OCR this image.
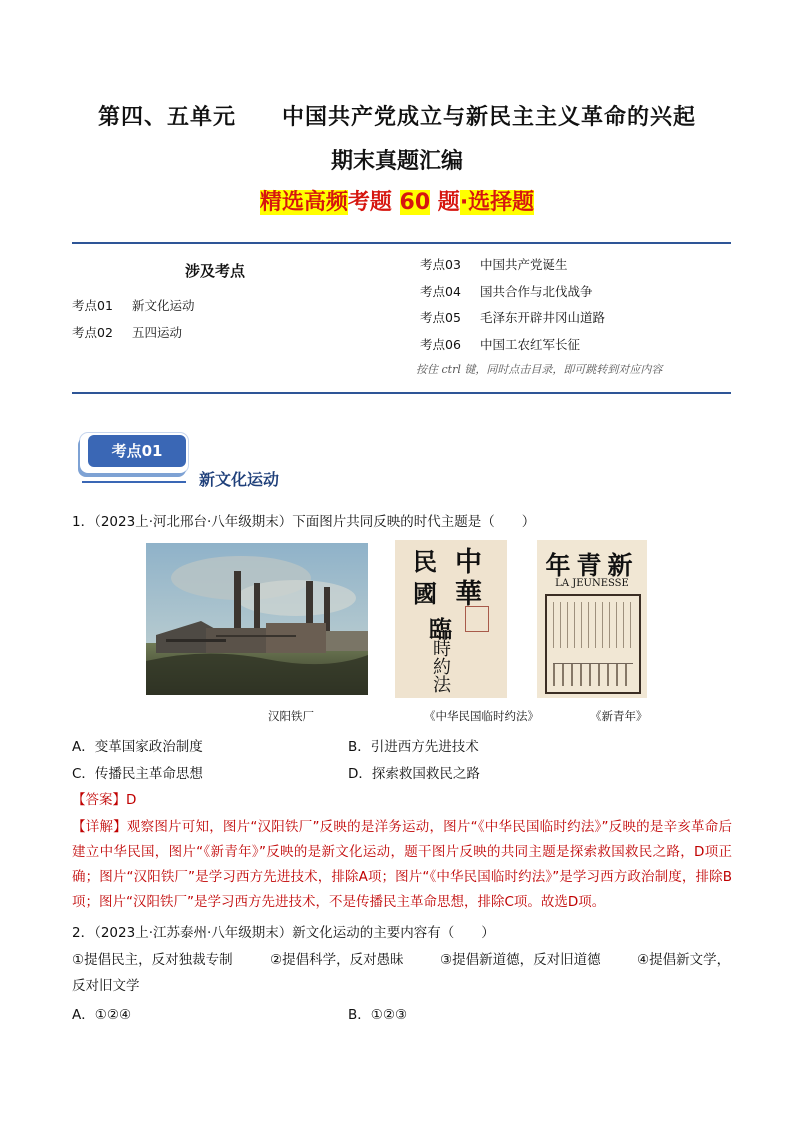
第四、五单元　　中国共产党成立与新民主主义革命的兴起
期末真题汇编
精选高频考题 60 题·选择题
涉及考点
考点01 新文化运动
考点02 五四运动
考点03 中国共产党诞生
考点04 国共合作与北伐战争
考点05 毛泽东开辟井冈山道路
考点06 中国工农红军长征
按住 ctrl 键，同时点击目录，即可跳转到对应内容
考点01
新文化运动
1．（2023上·河北邢台·八年级期末）下面图片共同反映的时代主题是（　　）
汉阳铁厂
中
華
民
國
臨
時
約
法
《中华民国临时约法》
年青新
LA JEUNESSE
《新青年》
A．变革国家政治制度	B．引进西方先进技术
C．传播民主革命思想	D．探索救国救民之路
【答案】D
【详解】观察图片可知，图片“汉阳铁厂”反映的是洋务运动，图片“《中华民国临时约法》”反映的是辛亥革命后建立中华民国，图片“《新青年》”反映的是新文化运动，题干图片反映的共同主题是探索救国救民之路，D项正确；图片“汉阳铁厂”是学习西方先进技术，排除A项；图片“《中华民国临时约法》”是学习西方政治制度，排除B项；图片“汉阳铁厂”是学习西方先进技术，不是传播民主革命思想，排除C项。故选D项。
2．（2023上·江苏泰州·八年级期末）新文化运动的主要内容有（　　）
①提倡民主，反对独裁专制	②提倡科学，反对愚昧	③提倡新道德，反对旧道德	④提倡新文学，
反对旧文学
A．①②④	B．①②③
